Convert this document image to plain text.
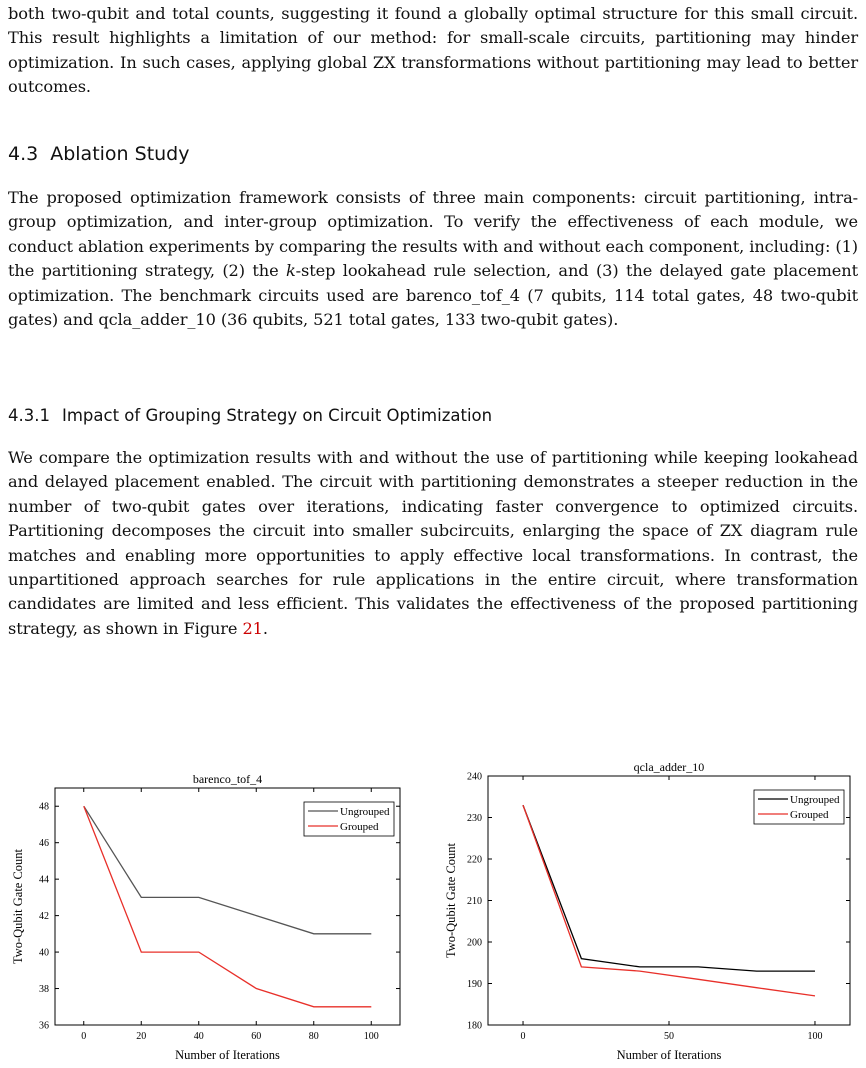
both two-qubit and total counts, suggesting it found a globally optimal structure for this small circuit. This result highlights a limitation of our method: for small-scale circuits, partitioning may hinder optimization. In such cases, applying global ZX transformations without partitioning may lead to better outcomes.

4.3 Ablation Study

The proposed optimization framework consists of three main components: circuit partitioning, intra-group optimization, and inter-group optimization. To verify the effectiveness of each module, we conduct ablation experiments by comparing the results with and without each component, including: (1) the partitioning strategy, (2) the k-step lookahead rule selection, and (3) the delayed gate placement optimization. The benchmark circuits used are barenco_tof_4 (7 qubits, 114 total gates, 48 two-qubit gates) and qcla_adder_10 (36 qubits, 521 total gates, 133 two-qubit gates).

4.3.1 Impact of Grouping Strategy on Circuit Optimization

We compare the optimization results with and without the use of partitioning while keeping lookahead and delayed placement enabled. The circuit with partitioning demonstrates a steeper reduction in the number of two-qubit gates over iterations, indicating faster convergence to optimized circuits. Partitioning decomposes the circuit into smaller subcircuits, enlarging the space of ZX diagram rule matches and enabling more opportunities to apply effective local transformations. In contrast, the unpartitioned approach searches for rule applications in the entire circuit, where transformation candidates are limited and less efficient. This validates the effectiveness of the proposed partitioning strategy, as shown in Figure 21.

barenco_tof_4
0	20	40	60	80	100
36
38
40
42
44
46
48
Number of Iterations
Two-Qubit Gate Count
Ungrouped
Grouped
qcla_adder_10
0	50	100
180
190
200
210
220
230
240
Number of Iterations
Two-Qubit Gate Count
Ungrouped
Grouped
